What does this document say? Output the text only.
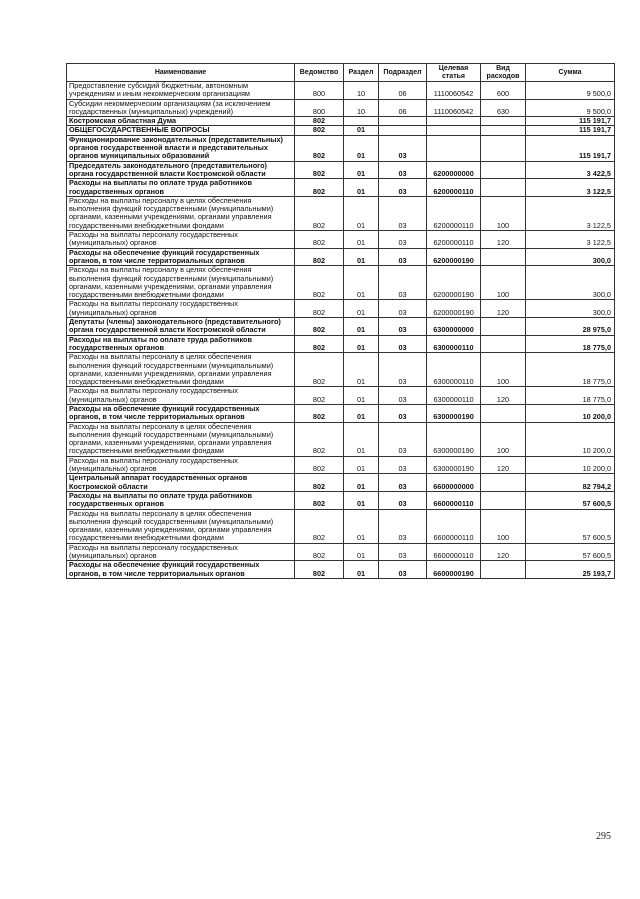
Наименование	Ведомство	Раздел	Подраздел	Целевая статья	Вид расходов	Сумма
Предоставление субсидий бюджетным, автономным учреждениям и иным некоммерческим организациям	800	10	06	1110060542	600	9 500,0
Субсидии некоммерческим организациям (за исключением государственных (муниципальных) учреждений)	800	10	06	1110060542	630	9 500,0
Костромская областная Дума	802					115 191,7
ОБЩЕГОСУДАРСТВЕННЫЕ ВОПРОСЫ	802	01				115 191,7
Функционирование законодательных (представительных) органов государственной власти и представительных органов муниципальных образований	802	01	03			115 191,7
Председатель законодательного (представительного) органа государственной власти Костромской области	802	01	03	6200000000		3 422,5
Расходы на выплаты по оплате труда работников государственных органов	802	01	03	6200000110		3 122,5
Расходы на выплаты персоналу в целях обеспечения выполнения функций государственными (муниципальными) органами, казенными учреждениями, органами управления государственными внебюджетными фондами	802	01	03	6200000110	100	3 122,5
Расходы на выплаты персоналу государственных (муниципальных) органов	802	01	03	6200000110	120	3 122,5
Расходы на обеспечение функций государственных органов, в том числе территориальных органов	802	01	03	6200000190		300,0
Расходы на выплаты персоналу в целях обеспечения выполнения функций государственными (муниципальными) органами, казенными учреждениями, органами управления государственными внебюджетными фондами	802	01	03	6200000190	100	300,0
Расходы на выплаты персоналу государственных (муниципальных) органов	802	01	03	6200000190	120	300,0
Депутаты (члены) законодательного (представительного) органа государственной власти Костромской области	802	01	03	6300000000		28 975,0
Расходы на выплаты по оплате труда работников государственных органов	802	01	03	6300000110		18 775,0
Расходы на выплаты персоналу в целях обеспечения выполнения функций государственными (муниципальными) органами, казенными учреждениями, органами управления государственными внебюджетными фондами	802	01	03	6300000110	100	18 775,0
Расходы на выплаты персоналу государственных (муниципальных) органов	802	01	03	6300000110	120	18 775,0
Расходы на обеспечение функций государственных органов, в том числе территориальных органов	802	01	03	6300000190		10 200,0
Расходы на выплаты персоналу в целях обеспечения выполнения функций государственными (муниципальными) органами, казенными учреждениями, органами управления государственными внебюджетными фондами	802	01	03	6300000190	100	10 200,0
Расходы на выплаты персоналу государственных (муниципальных) органов	802	01	03	6300000190	120	10 200,0
Центральный аппарат государственных органов Костромской области	802	01	03	6600000000		82 794,2
Расходы на выплаты по оплате труда работников государственных органов	802	01	03	6600000110		57 600,5
Расходы на выплаты персоналу в целях обеспечения выполнения функций государственными (муниципальными) органами, казенными учреждениями, органами управления государственными внебюджетными фондами	802	01	03	6600000110	100	57 600,5
Расходы на выплаты персоналу государственных (муниципальных) органов	802	01	03	6600000110	120	57 600,5
Расходы на обеспечение функций государственных органов, в том числе территориальных органов	802	01	03	6600000190		25 193,7
295
